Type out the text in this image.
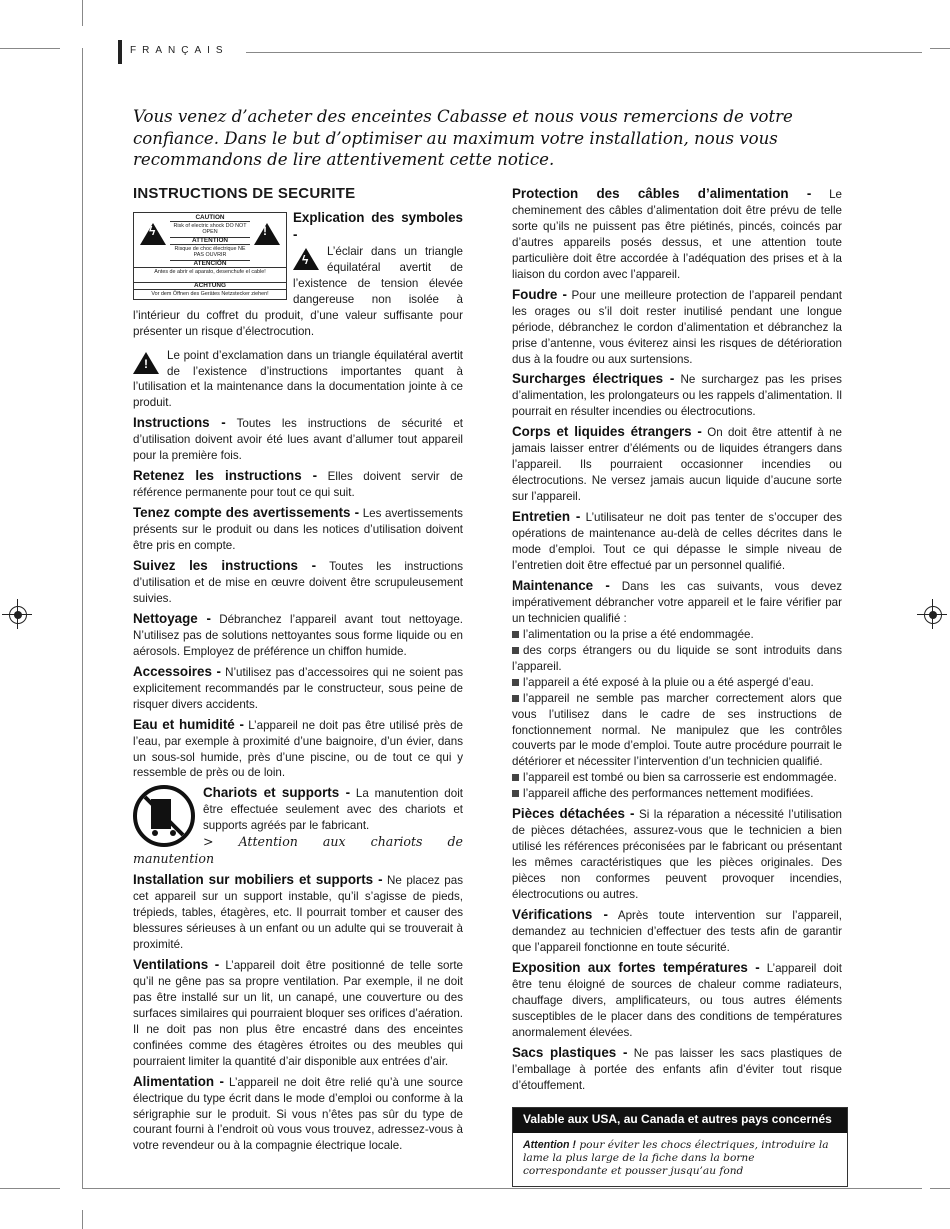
FRANÇAIS
Vous venez d’acheter des enceintes Cabasse et nous vous remercions de votre confiance. Dans le but d’optimiser au maximum votre installation, nous vous recommandons de lire attentivement cette notice.
INSTRUCTIONS DE SECURITE
ϟ	!
CAUTION
Risk of electric shock DO NOT OPEN
ATTENTION
Risque de choc électrique NE PAS OUVRIR
ATENCIÓN
Antes de abrir el aparato, desenchufe el cable!
ACHTUNG
Vor dem Öffnen des Gerätes Netzstecker ziehen!

Explication des symboles -

ϟ
L’éclair dans un triangle équilatéral avertit de l’existence de tension élevée dangereuse non isolée à l’intérieur du coffret du produit, d’une valeur suffisante pour présenter un risque d’électrocution.

!
Le point d’exclamation dans un triangle équilatéral avertit de l’existence d’instructions importantes quant à l’utilisation et la maintenance dans la documentation jointe à ce produit.

Instructions - Toutes les instructions de sécurité et d’utilisation doivent avoir été lues avant d’allumer tout appareil pour la première fois.

Retenez les instructions - Elles doivent servir de référence permanente pour tout ce qui suit.

Tenez compte des avertissements - Les avertissements présents sur le produit ou dans les notices d’utilisation doivent être pris en compte.

Suivez les instructions - Toutes les instructions d’utilisation et de mise en œuvre doivent être scrupuleusement suivies.

Nettoyage - Débranchez l’appareil avant tout nettoyage. N’utilisez pas de solutions nettoyantes sous forme liquide ou en aérosols. Employez de préférence un chiffon humide.

Accessoires - N’utilisez pas d’accessoires qui ne soient pas explicitement recommandés par le constructeur, sous peine de risquer divers accidents.

Eau et humidité - L’appareil ne doit pas être utilisé près de l’eau, par exemple à proximité d’une baignoire, d’un évier, dans un sous-sol humide, près d’une piscine, ou de tout ce qui y ressemble de près ou de loin.

Chariots et supports - La manutention doit être effectuée seulement avec des chariots et supports agréés par le fabricant.
> Attention aux chariots de manutention

Installation sur mobiliers et supports - Ne placez pas cet appareil sur un support instable, qu’il s’agisse de pieds, trépieds, tables, étagères, etc. Il pourrait tomber et causer des blessures sérieuses à un enfant ou un adulte qui se trouverait à proximité.

Ventilations - L’appareil doit être positionné de telle sorte qu’il ne gêne pas sa propre ventilation. Par exemple, il ne doit pas être installé sur un lit, un canapé, une couverture ou des surfaces similaires qui pourraient bloquer ses orifices d’aération. Il ne doit pas non plus être encastré dans des enceintes confinées comme des étagères étroites ou des meubles qui pourraient limiter la quantité d’air disponible aux entrées d’air.

Alimentation - L’appareil ne doit être relié qu’à une source électrique du type écrit dans le mode d’emploi ou conforme à la sérigraphie sur le produit. Si vous n’êtes pas sûr du type de courant fourni à l’endroit où vous vous trouvez, adressez-vous à votre revendeur ou à la compagnie électrique locale.

Protection des câbles d’alimentation - Le cheminement des câbles d’alimentation doit être prévu de telle sorte qu’ils ne puissent pas être piétinés, pincés, coincés par d’autres appareils posés dessus, et une attention toute particulière doit être accordée à l’adéquation des prises et à la liaison du cordon avec l’appareil.

Foudre - Pour une meilleure protection de l’appareil pendant les orages ou s’il doit rester inutilisé pendant une longue période, débranchez le cordon d’alimentation et débranchez la prise d’antenne, vous éviterez ainsi les risques de détérioration dus à la foudre ou aux surtensions.

Surcharges électriques - Ne surchargez pas les prises d’alimentation, les prolongateurs ou les rappels d’alimentation. Il pourrait en résulter incendies ou électrocutions.

Corps et liquides étrangers - On doit être attentif à ne jamais laisser entrer d’éléments ou de liquides étrangers dans l’appareil. Ils pourraient occasionner incendies ou électrocutions. Ne versez jamais aucun liquide d’aucune sorte sur l’appareil.

Entretien - L’utilisateur ne doit pas tenter de s’occuper des opérations de maintenance au-delà de celles décrites dans le mode d’emploi. Tout ce qui dépasse le simple niveau de l’entretien doit être effectué par un personnel qualifié.

Maintenance - Dans les cas suivants, vous devez impérativement débrancher votre appareil et le faire vérifier par un technicien qualifié :

l’alimentation ou la prise a été endommagée.
des corps étrangers ou du liquide se sont introduits dans l’appareil.
l’appareil a été exposé à la pluie ou a été aspergé d’eau.
l’appareil ne semble pas marcher correctement alors que vous l’utilisez dans le cadre de ses instructions de fonctionnement normal. Ne manipulez que les contrôles couverts par le mode d’emploi. Toute autre procédure pourrait le détériorer et nécessiter l’intervention d’un technicien qualifié.
l’appareil est tombé ou bien sa carrosserie est endommagée.
l’appareil affiche des performances nettement modifiées.

Pièces détachées - Si la réparation a nécessité l’utilisation de pièces détachées, assurez-vous que le technicien a bien utilisé les références préconisées par le fabricant ou présentant les mêmes caractéristiques que les pièces originales. Des pièces non conformes peuvent provoquer incendies, électrocutions ou autres.

Vérifications - Après toute intervention sur l’appareil, demandez au technicien d’effectuer des tests afin de garantir que l’appareil fonctionne en toute sécurité.

Exposition aux fortes températures - L’appareil doit être tenu éloigné de sources de chaleur comme radiateurs, chauffage divers, amplificateurs, ou tous autres éléments susceptibles de le placer dans des conditions de températures anormalement élevées.

Sacs plastiques - Ne pas laisser les sacs plastiques de l’emballage à portée des enfants afin d’éviter tout risque d’étouffement.

Valable aux USA, au Canada et autres pays concernés
Attention ! pour éviter les chocs électriques, introduire la lame la plus large de la fiche dans la borne correspondante et pousser jusqu’au fond
